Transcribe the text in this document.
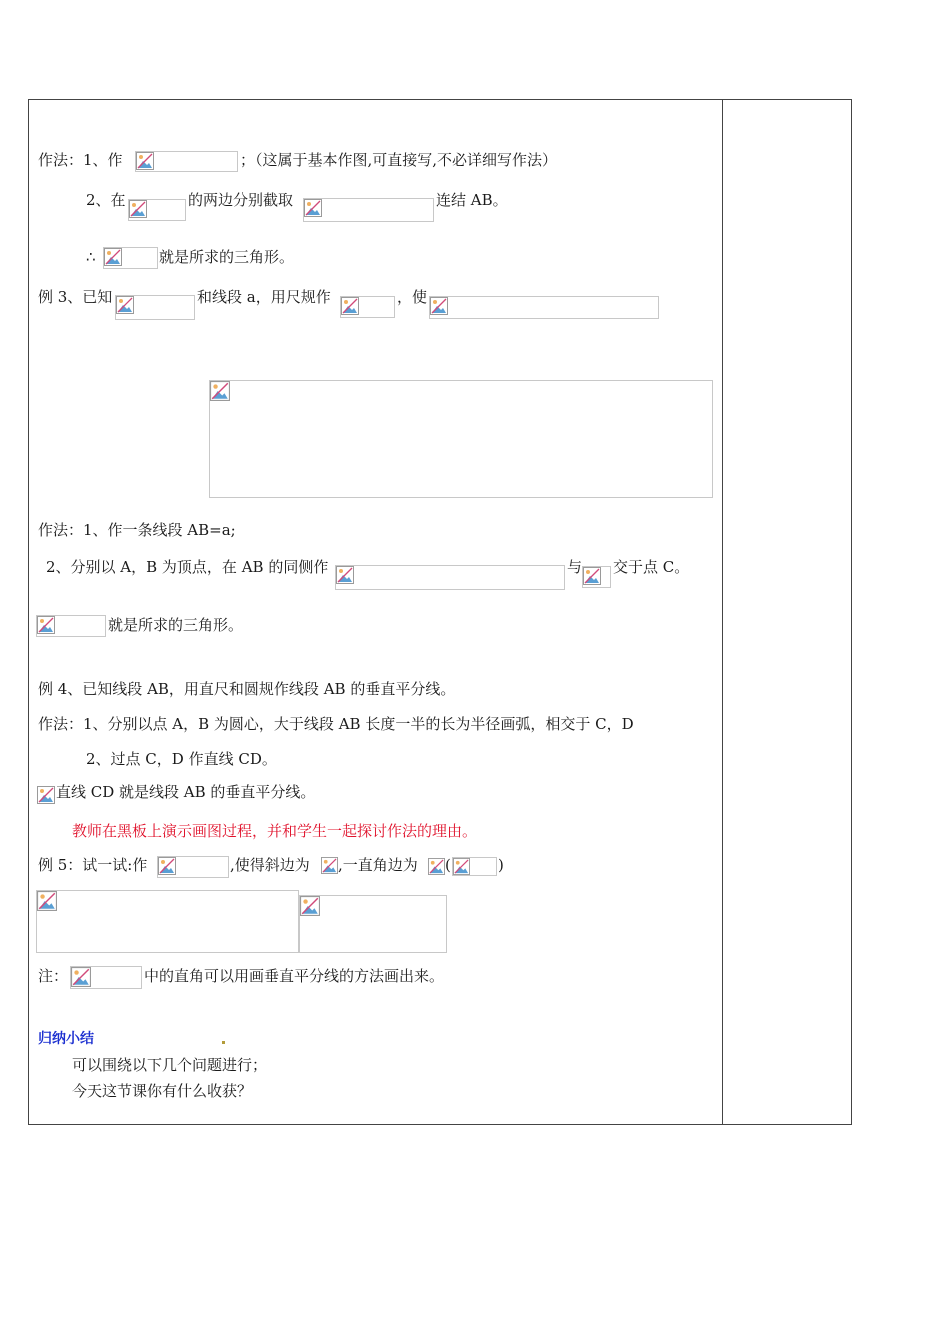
作法：1、作	；（这属于基本作图,可直接写,不必详细写作法）
2、在	的两边分别截取	连结 AB。
∴	就是所求的三角形。
例 3、已知	和线段 a，用尺规作	，使
作法：1、作一条线段 AB=a;
2、分别以 A，B 为顶点，在 AB 的同侧作	与 交于点 C。
就是所求的三角形。
例 4、已知线段 AB，用直尺和圆规作线段 AB 的垂直平分线。
作法：1、分别以点 A，B 为圆心，大于线段 AB 长度一半的长为半径画弧，相交于 C，D
2、过点 C，D 作直线 CD。
直线 CD 就是线段 AB 的垂直平分线。
教师在黑板上演示画图过程，并和学生一起探讨作法的理由。
例 5：试一试:作	,使得斜边为 ,一直角边为 (	)
注：	中的直角可以用画垂直平分线的方法画出来。
归纳小结
可以围绕以下几个问题进行；
今天这节课你有什么收获？
